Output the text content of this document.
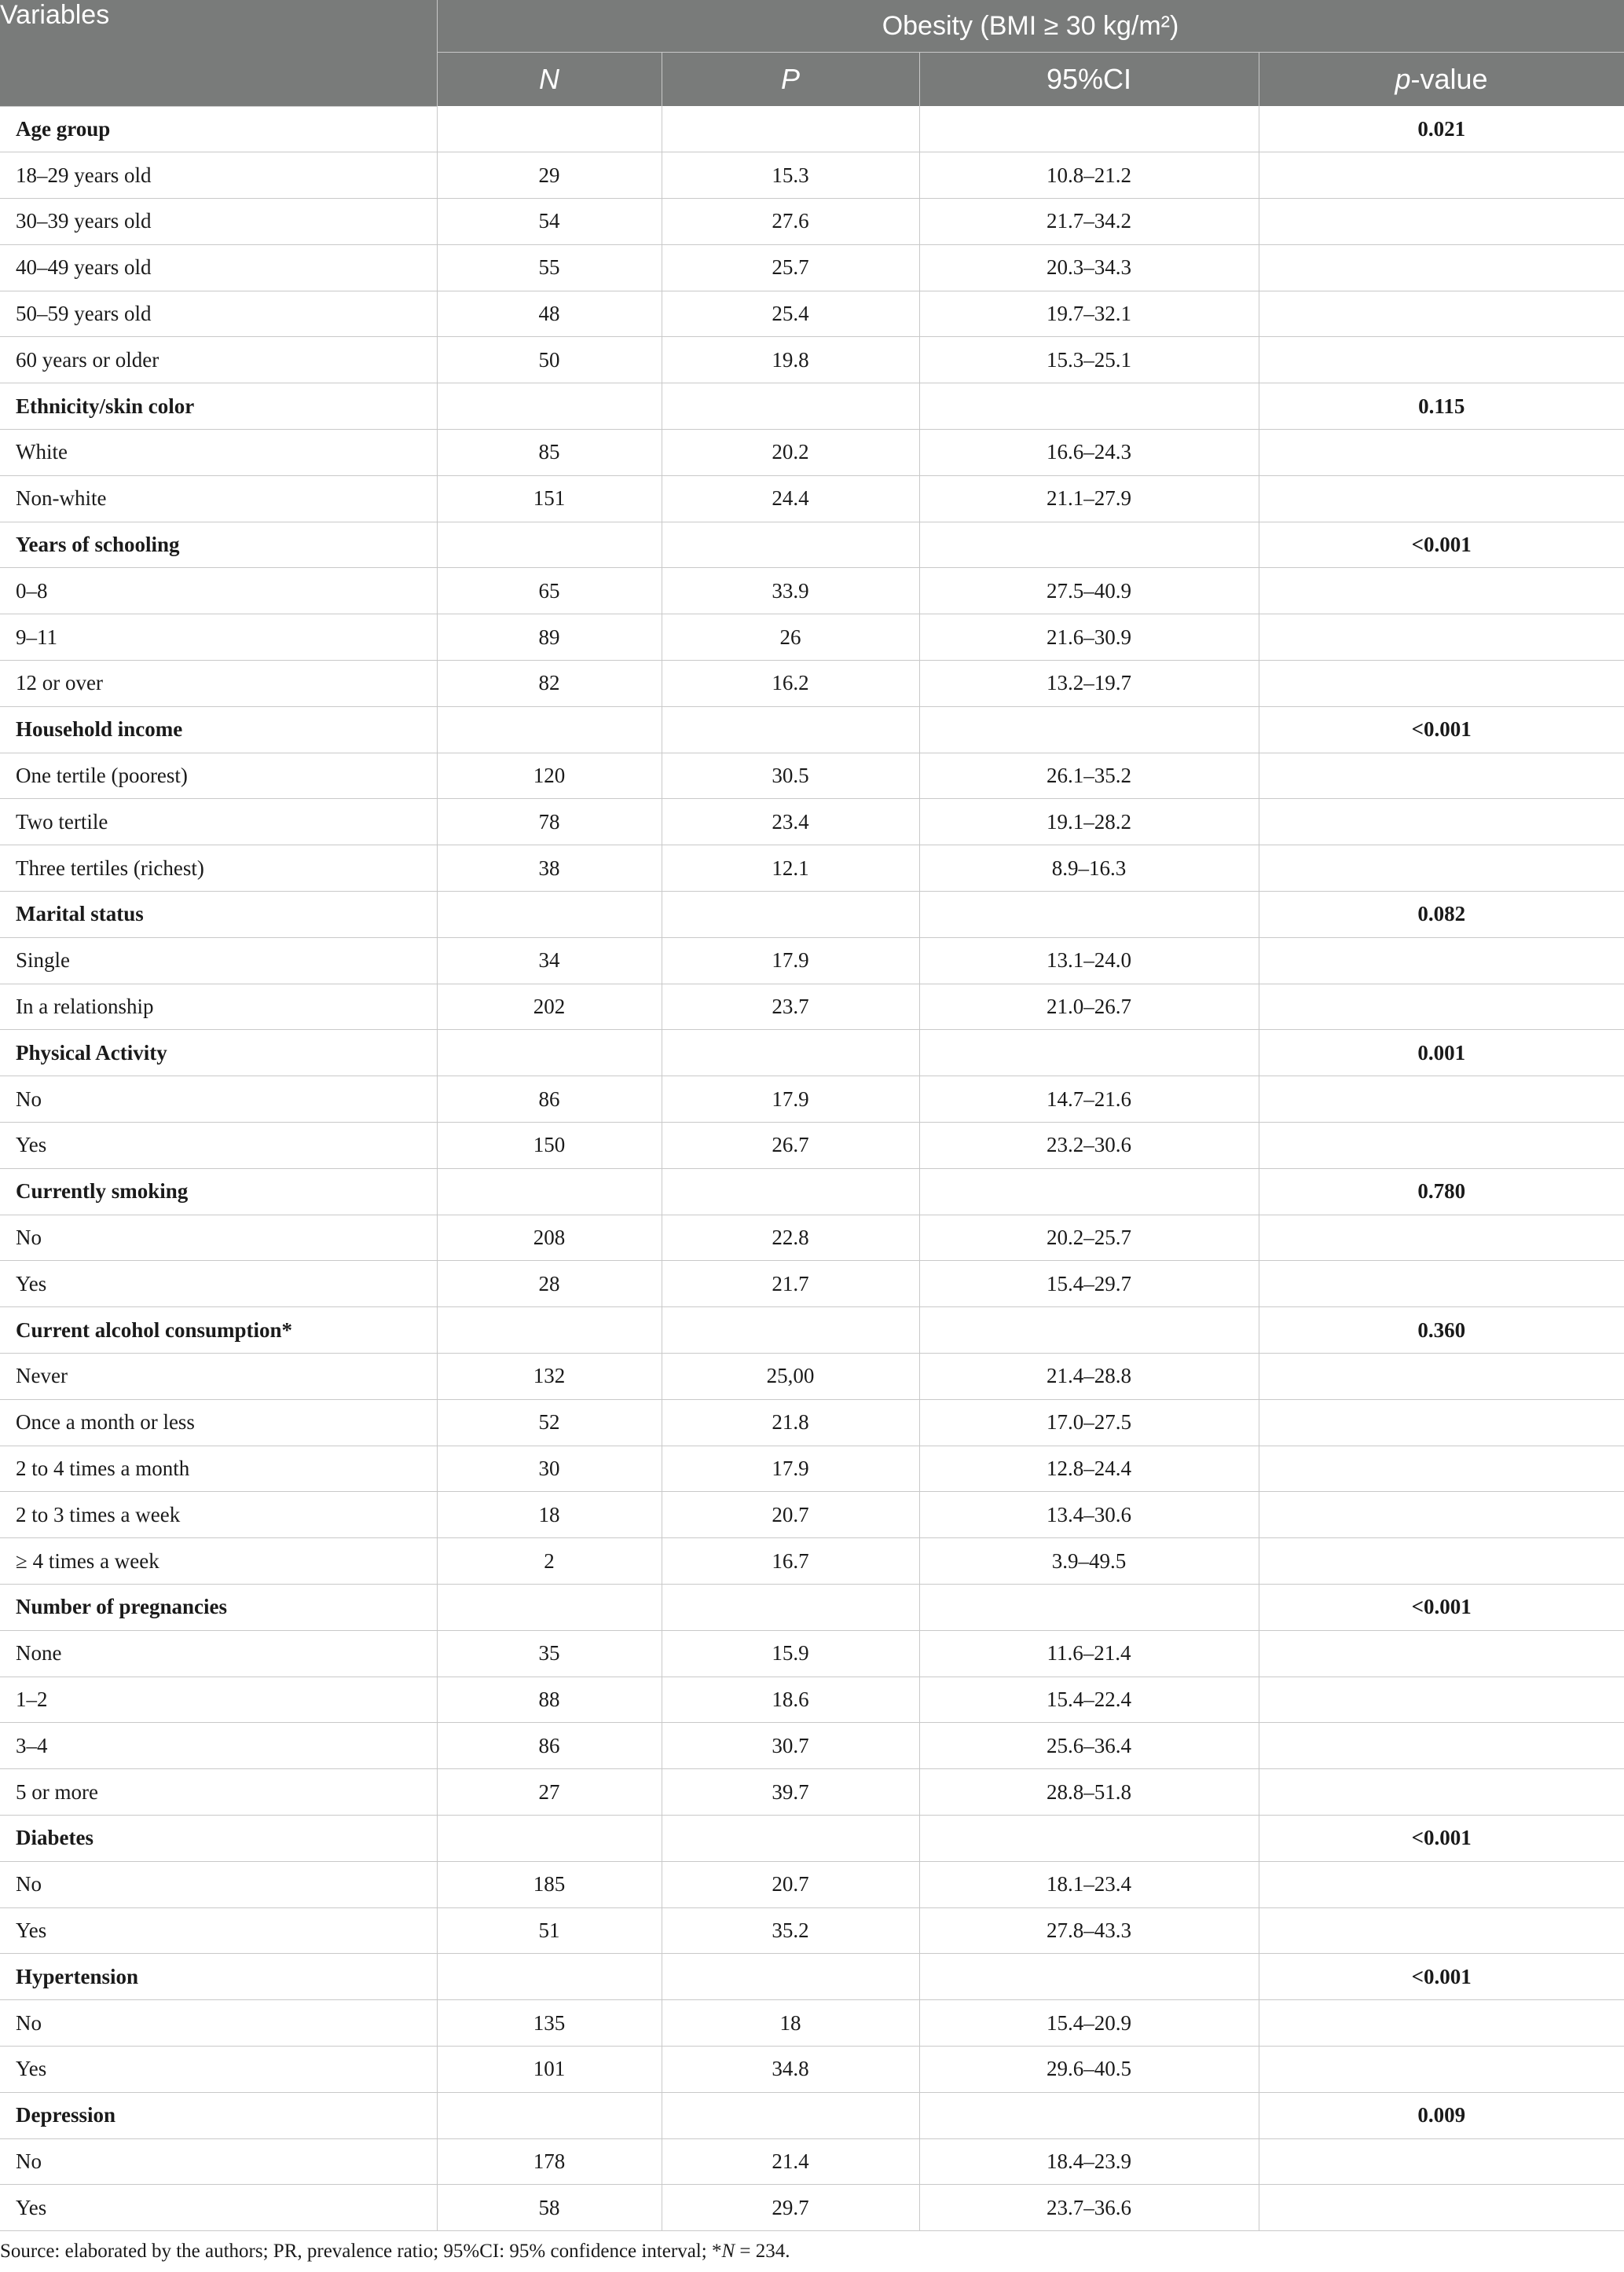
Variables	Obesity (BMI ≥ 30 kg/m²)			
	N	P	95%CI	p-value
Age group				0.021
18–29 years old	29	15.3	10.8–21.2	
30–39 years old	54	27.6	21.7–34.2	
40–49 years old	55	25.7	20.3–34.3	
50–59 years old	48	25.4	19.7–32.1	
60 years or older	50	19.8	15.3–25.1	
Ethnicity/skin color				0.115
White	85	20.2	16.6–24.3	
Non-white	151	24.4	21.1–27.9	
Years of schooling				<0.001
0–8	65	33.9	27.5–40.9	
9–11	89	26	21.6–30.9	
12 or over	82	16.2	13.2–19.7	
Household income				<0.001
One tertile (poorest)	120	30.5	26.1–35.2	
Two tertile	78	23.4	19.1–28.2	
Three tertiles (richest)	38	12.1	8.9–16.3	
Marital status				0.082
Single	34	17.9	13.1–24.0	
In a relationship	202	23.7	21.0–26.7	
Physical Activity				0.001
No	86	17.9	14.7–21.6	
Yes	150	26.7	23.2–30.6	
Currently smoking				0.780
No	208	22.8	20.2–25.7	
Yes	28	21.7	15.4–29.7	
Current alcohol consumption*				0.360
Never	132	25,00	21.4–28.8	
Once a month or less	52	21.8	17.0–27.5	
2 to 4 times a month	30	17.9	12.8–24.4	
2 to 3 times a week	18	20.7	13.4–30.6	
≥ 4 times a week	2	16.7	3.9–49.5	
Number of pregnancies				<0.001
None	35	15.9	11.6–21.4	
1–2	88	18.6	15.4–22.4	
3–4	86	30.7	25.6–36.4	
5 or more	27	39.7	28.8–51.8	
Diabetes				<0.001
No	185	20.7	18.1–23.4	
Yes	51	35.2	27.8–43.3	
Hypertension				<0.001
No	135	18	15.4–20.9	
Yes	101	34.8	29.6–40.5	
Depression				0.009
No	178	21.4	18.4–23.9	
Yes	58	29.7	23.7–36.6	
Source: elaborated by the authors; PR, prevalence ratio; 95%CI: 95% confidence interval; *N = 234.
